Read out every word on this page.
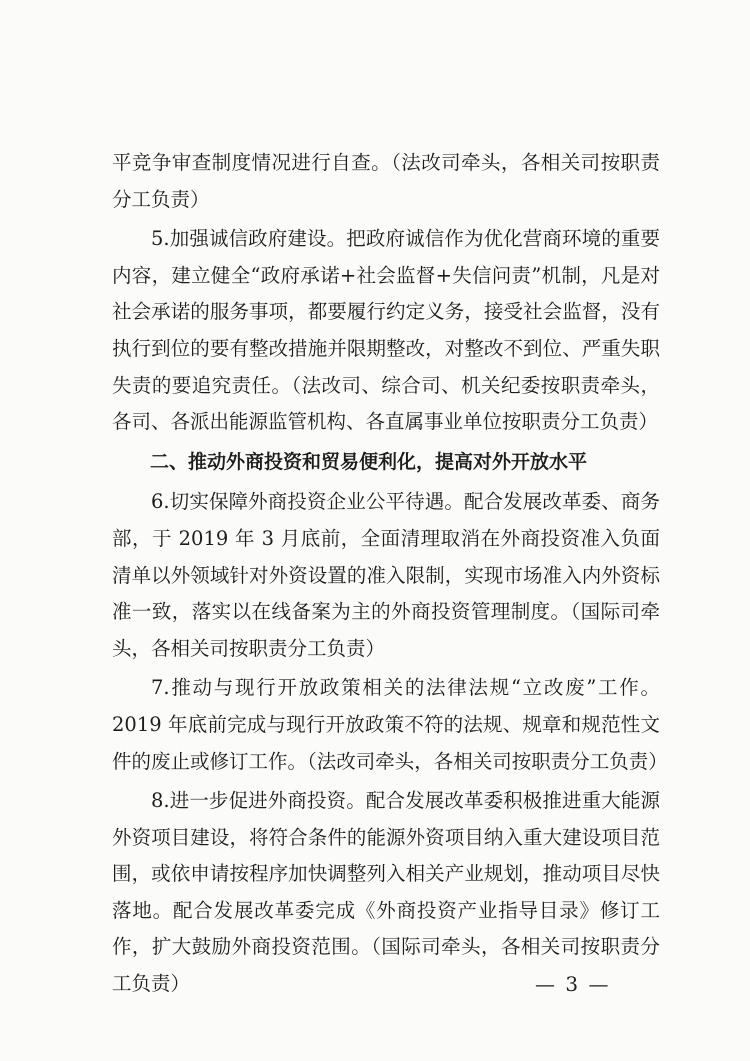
平竞争审查制度情况进行自查。（法改司牵头，各相关司按职责分工负责）

5.加强诚信政府建设。把政府诚信作为优化营商环境的重要内容，建立健全“政府承诺+社会监督+失信问责”机制，凡是对社会承诺的服务事项，都要履行约定义务，接受社会监督，没有执行到位的要有整改措施并限期整改，对整改不到位、严重失职失责的要追究责任。（法改司、综合司、机关纪委按职责牵头，各司、各派出能源监管机构、各直属事业单位按职责分工负责）

二、推动外商投资和贸易便利化，提高对外开放水平

6.切实保障外商投资企业公平待遇。配合发展改革委、商务部，于 2019 年 3 月底前，全面清理取消在外商投资准入负面清单以外领域针对外资设置的准入限制，实现市场准入内外资标准一致，落实以在线备案为主的外商投资管理制度。（国际司牵头，各相关司按职责分工负责）

7.推动与现行开放政策相关的法律法规“立改废”工作。2019 年底前完成与现行开放政策不符的法规、规章和规范性文件的废止或修订工作。（法改司牵头，各相关司按职责分工负责）

8.进一步促进外商投资。配合发展改革委积极推进重大能源外资项目建设，将符合条件的能源外资项目纳入重大建设项目范围，或依申请按程序加快调整列入相关产业规划，推动项目尽快落地。配合发展改革委完成《外商投资产业指导目录》修订工作，扩大鼓励外商投资范围。（国际司牵头，各相关司按职责分工负责）	— 3 —
